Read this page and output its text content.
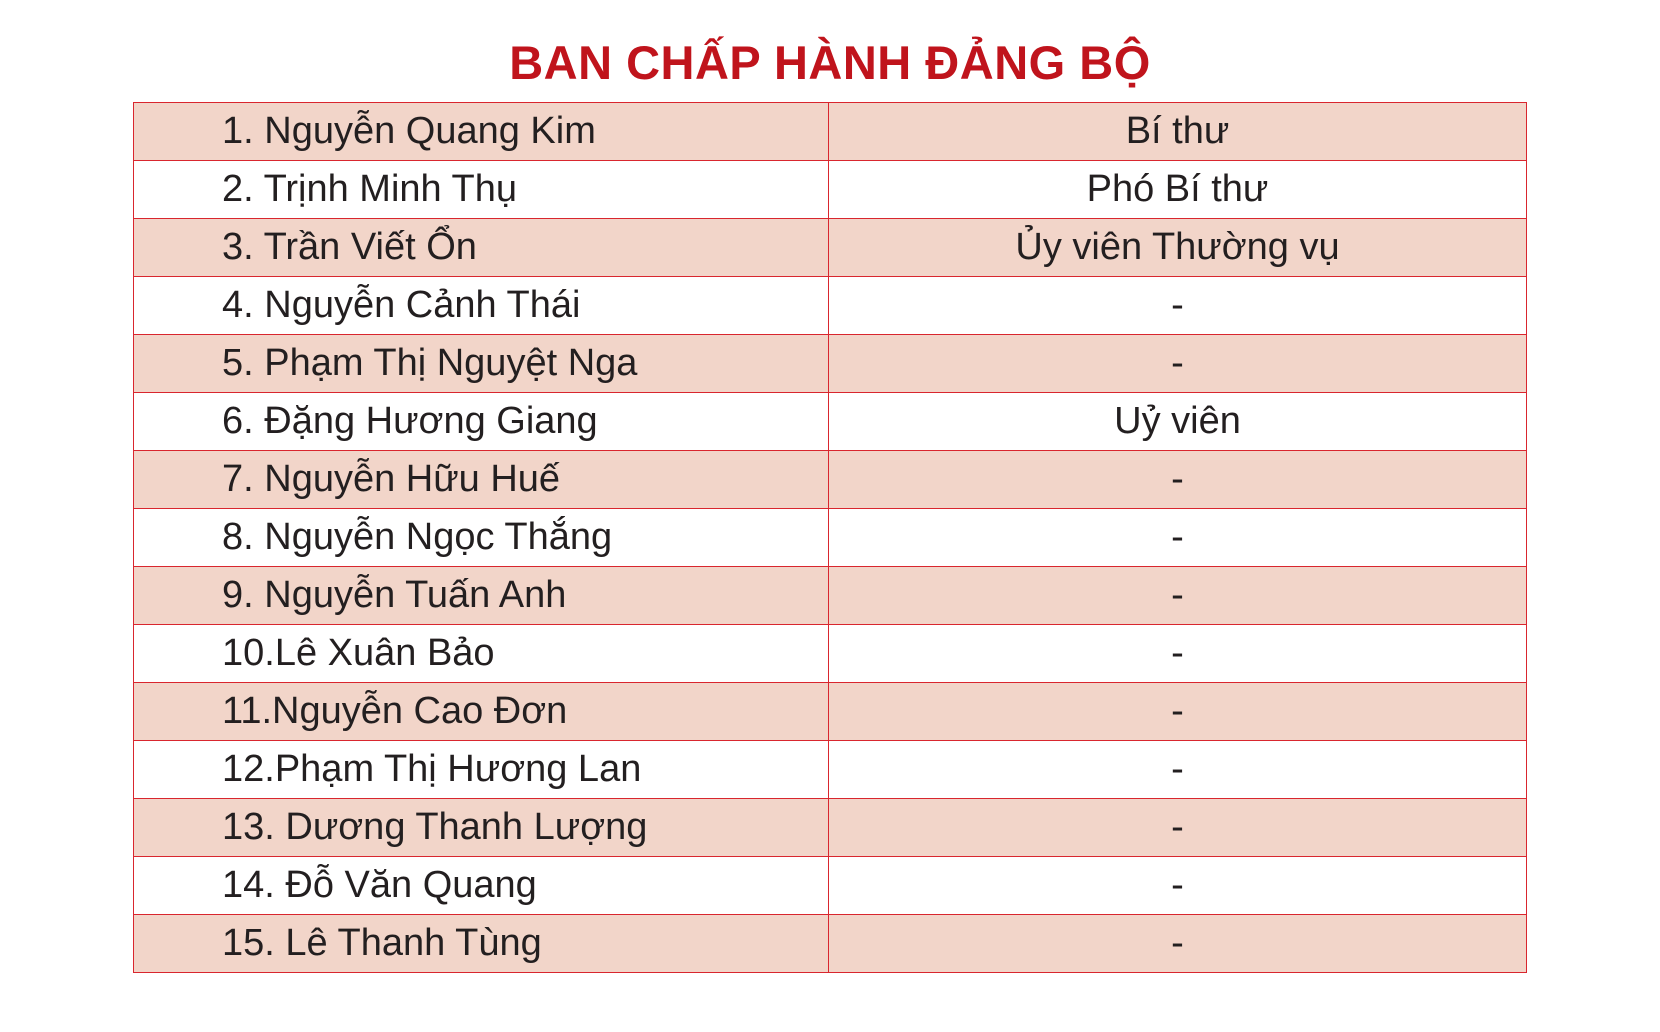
BAN CHẤP HÀNH ĐẢNG BỘ
1. Nguyễn Quang Kim	Bí thư
2. Trịnh Minh Thụ	Phó Bí thư
3. Trần Viết Ổn	Ủy viên Thường vụ
4. Nguyễn Cảnh Thái	-
5. Phạm Thị Nguyệt Nga	-
6. Đặng Hương Giang	Uỷ viên
7. Nguyễn Hữu Huế	-
8. Nguyễn Ngọc Thắng	-
9. Nguyễn Tuấn Anh	-
10.Lê Xuân Bảo	-
11.Nguyễn Cao Đơn	-
12.Phạm Thị Hương Lan	-
13. Dương Thanh Lượng	-
14. Đỗ Văn Quang	-
15. Lê Thanh Tùng	-
